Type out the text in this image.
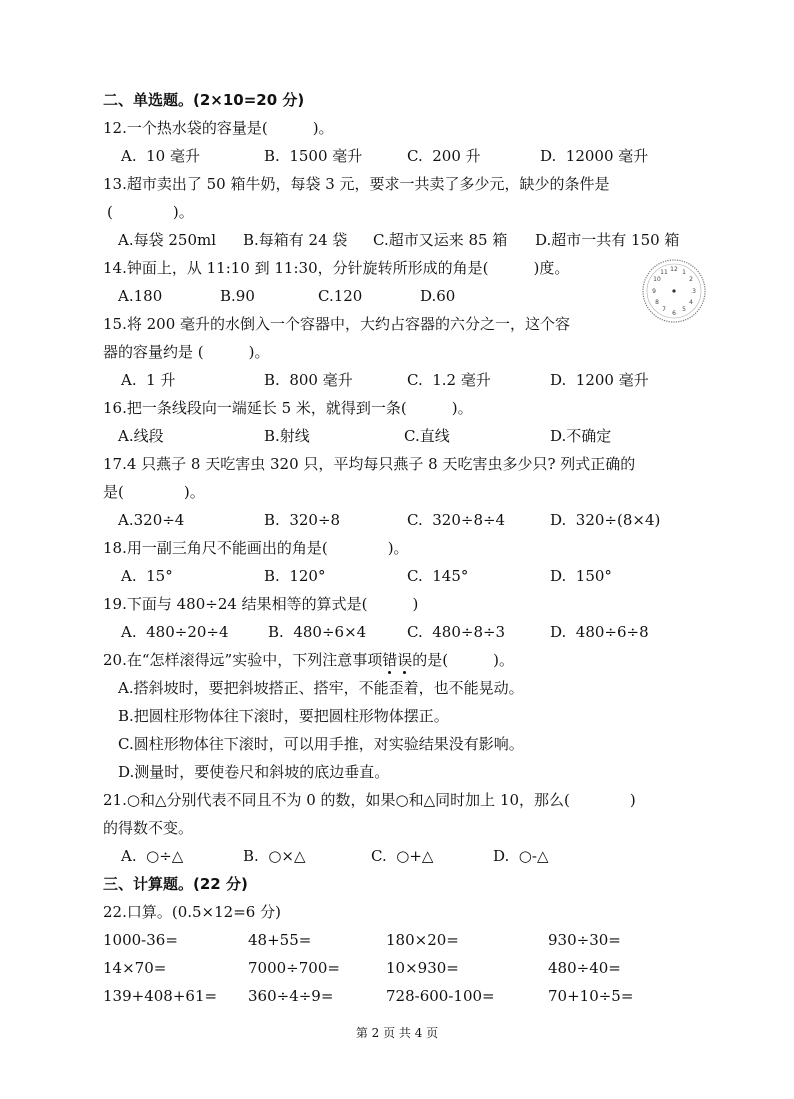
二、单选题。(2×10=20 分)
12.一个热水袋的容量是(　　　)。
A.  10 毫升	B.  1500 毫升	C.  200 升	D.  12000 毫升
13.超市卖出了 50 箱牛奶，每袋 3 元，要求一共卖了多少元，缺少的条件是
(　　　　)。
A.每袋 250ml B.每箱有 24 袋 C.超市又运来 85 箱 D.超市一共有 150 箱
14.钟面上，从 11:10 到 11:30，分针旋转所形成的角是(　　　)度。
A.180	B.90	C.120	D.60
12 1
2
3
4
5
6
7
8
9
10
11
15.将 200 毫升的水倒入一个容器中，大约占容器的六分之一，这个容
器的容量约是 (　　　)。
A.  1 升	B.  800 毫升	C.  1.2 毫升	D.  1200 毫升
16.把一条线段向一端延长 5 米，就得到一条(　　　)。
A.线段	B.射线	C.直线	D.不确定
17.4 只燕子 8 天吃害虫 320 只，平均每只燕子 8 天吃害虫多少只? 列式正确的
是(　　　　)。
A.320÷4	B.  320÷8	C.  320÷8÷4	D.  320÷(8×4)
18.用一副三角尺不能画出的角是(　　　　)。
A.  15°	B.  120°	C.  145°	D.  150°
19.下面与 480÷24 结果相等的算式是(　　　)
A.  480÷20÷4	B.  480÷6×4	C.  480÷8÷3	D.  480÷6÷8
20.在“怎样滚得远”实验中，下列注意事项错误的是(　　　)。
A.搭斜坡时，要把斜坡搭正、搭牢，不能歪着，也不能晃动。
B.把圆柱形物体往下滚时，要把圆柱形物体摆正。
C.圆柱形物体往下滚时，可以用手推，对实验结果没有影响。
D.测量时，要使卷尺和斜坡的底边垂直。
21.○和△分别代表不同且不为 0 的数，如果○和△同时加上 10，那么(　　　　)
的得数不变。
A.  ○÷△	B.  ○×△	C.  ○+△	D.  ○-△
三、计算题。(22 分)
22.口算。(0.5×12=6 分)
1000-36=	48+55=	180×20=	930÷30=
14×70=	7000÷700=	10×930=	480÷40=
139+408+61= 360÷4÷9=	728-600-100=	70+10÷5=
第 2 页 共 4 页
